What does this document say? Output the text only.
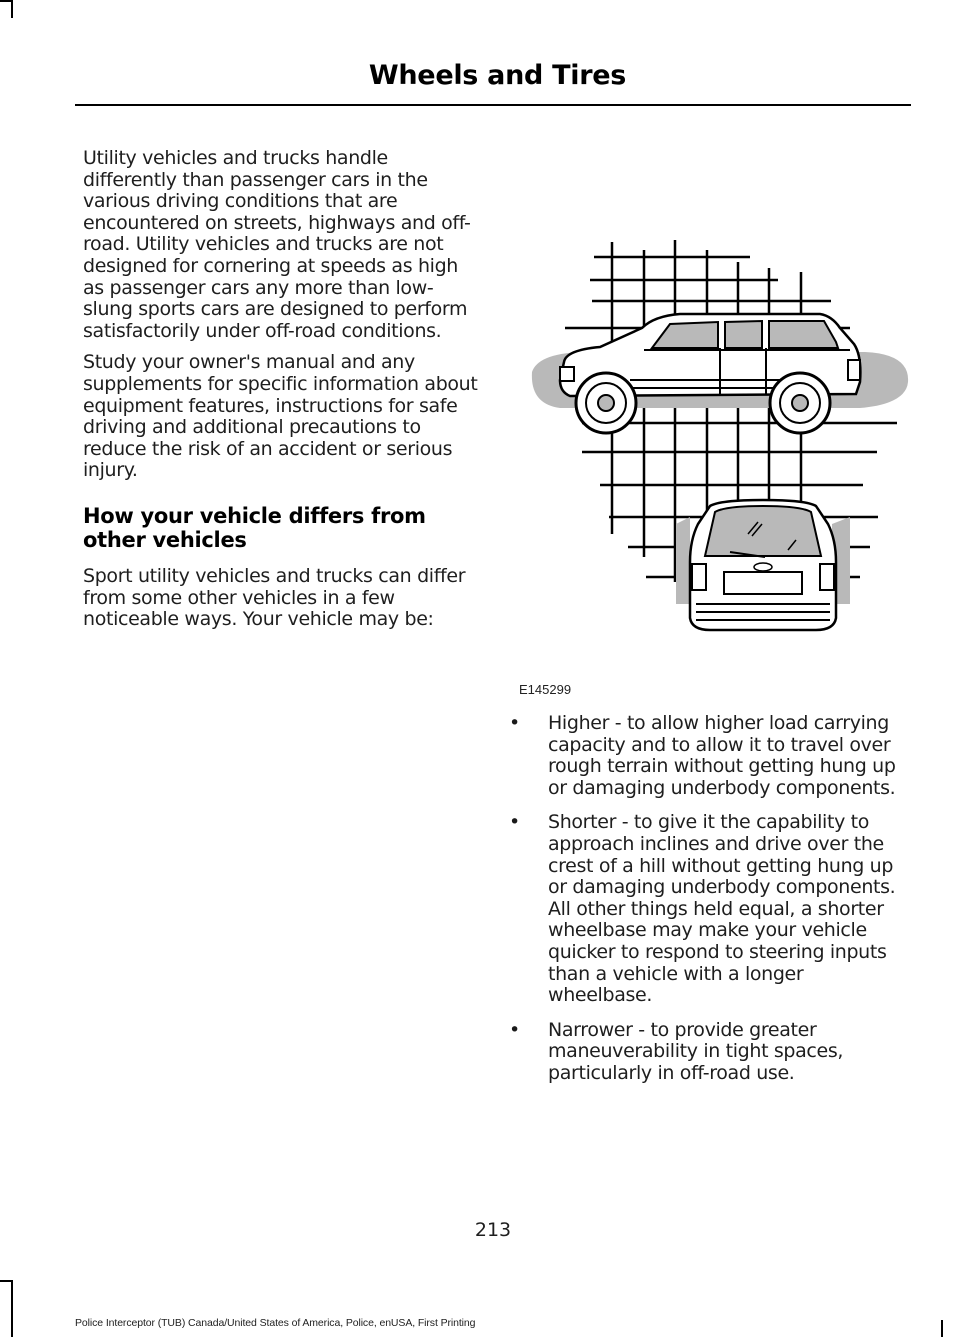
Wheels and Tires

Utility vehicles and trucks handle differently than passenger cars in the various driving conditions that are encountered on streets, highways and off-road. Utility vehicles and trucks are not designed for cornering at speeds as high as passenger cars any more than low-slung sports cars are designed to perform satisfactorily under off-road conditions.

Study your owner's manual and any supplements for specific information about equipment features, instructions for safe driving and additional precautions to reduce the risk of an accident or serious injury.

How your vehicle differs from other vehicles

Sport utility vehicles and trucks can differ from some other vehicles in a few noticeable ways. Your vehicle may be:

E145299
• Higher - to allow higher load carrying capacity and to allow it to travel over rough terrain without getting hung up or damaging underbody components.
• Shorter - to give it the capability to approach inclines and drive over the crest of a hill without getting hung up or damaging underbody components. All other things held equal, a shorter wheelbase may make your vehicle quicker to respond to steering inputs than a vehicle with a longer wheelbase.
• Narrower - to provide greater maneuverability in tight spaces, particularly in off-road use.
213
Police Interceptor (TUB) Canada/United States of America, Police, enUSA, First Printing
